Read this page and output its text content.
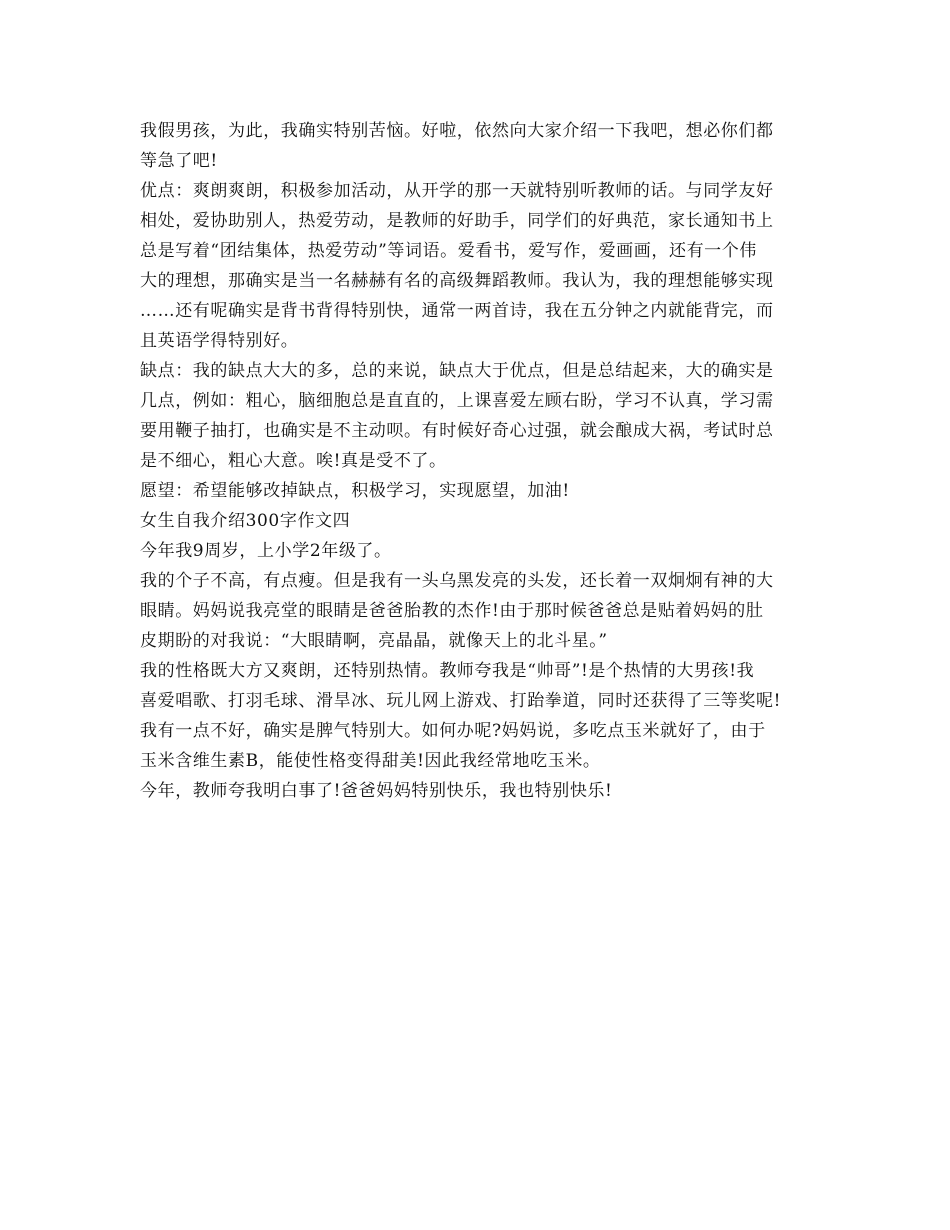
我假男孩，为此，我确实特别苦恼。好啦，依然向大家介绍一下我吧，想必你们都
等急了吧!
优点：爽朗爽朗，积极参加活动，从开学的那一天就特别听教师的话。与同学友好
相处，爱协助别人，热爱劳动，是教师的好助手，同学们的好典范，家长通知书上
总是写着“团结集体，热爱劳动”等词语。爱看书，爱写作，爱画画，还有一个伟
大的理想，那确实是当一名赫赫有名的高级舞蹈教师。我认为，我的理想能够实现
……还有呢确实是背书背得特别快，通常一两首诗，我在五分钟之内就能背完，而
且英语学得特别好。
缺点：我的缺点大大的多，总的来说，缺点大于优点，但是总结起来，大的确实是
几点，例如：粗心，脑细胞总是直直的，上课喜爱左顾右盼，学习不认真，学习需
要用鞭子抽打，也确实是不主动呗。有时候好奇心过强，就会酿成大祸，考试时总
是不细心，粗心大意。唉!真是受不了。
愿望：希望能够改掉缺点，积极学习，实现愿望，加油!
女生自我介绍300字作文四
今年我9周岁，上小学2年级了。
我的个子不高，有点瘦。但是我有一头乌黑发亮的头发，还长着一双炯炯有神的大
眼睛。妈妈说我亮堂的眼睛是爸爸胎教的杰作!由于那时候爸爸总是贴着妈妈的肚
皮期盼的对我说：“大眼睛啊，亮晶晶，就像天上的北斗星。”
我的性格既大方又爽朗，还特别热情。教师夸我是“帅哥”!是个热情的大男孩!我
喜爱唱歌、打羽毛球、滑旱冰、玩儿网上游戏、打跆拳道，同时还获得了三等奖呢!
我有一点不好，确实是脾气特别大。如何办呢?妈妈说，多吃点玉米就好了，由于
玉米含维生素B，能使性格变得甜美!因此我经常地吃玉米。
今年，教师夸我明白事了!爸爸妈妈特别快乐，我也特别快乐!
